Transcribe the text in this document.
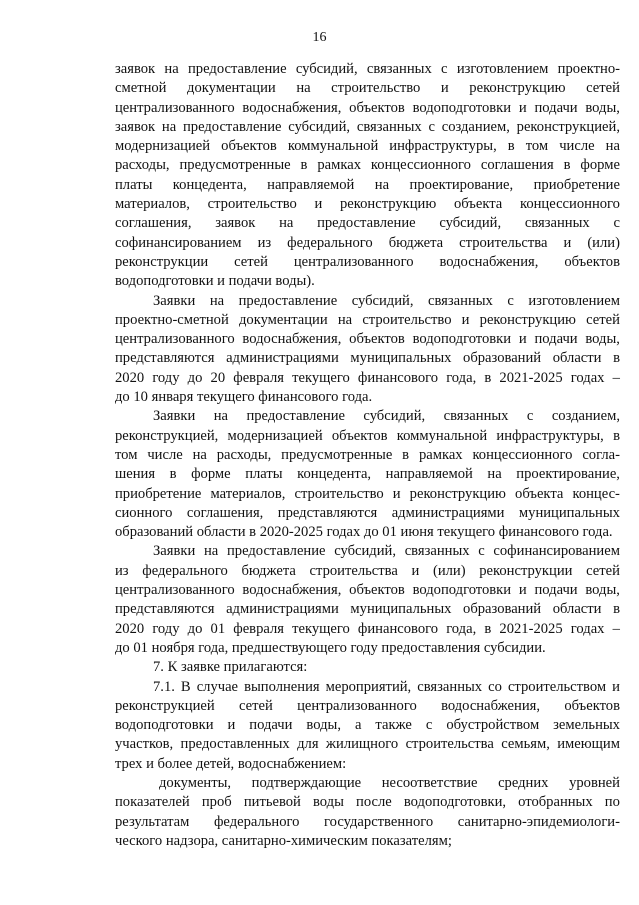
16
заявок на предоставление субсидий, связанных с изготовлением проектно-
сметной документации на строительство и реконструкцию сетей
централизованного водоснабжения, объектов водоподготовки и подачи воды,
заявок на предоставление субсидий, связанных с созданием, реконструкцией,
модернизацией объектов коммунальной инфраструктуры, в том числе на
расходы, предусмотренные в рамках концессионного соглашения в форме
платы концедента, направляемой на проектирование, приобретение
материалов, строительство и реконструкцию объекта концессионного
соглашения, заявок на предоставление субсидий, связанных с
софинансированием из федерального бюджета строительства и (или)
реконструкции сетей централизованного водоснабжения, объектов
водоподготовки и подачи воды).
Заявки на предоставление субсидий, связанных с изготовлением
проектно-сметной документации на строительство и реконструкцию сетей
централизованного водоснабжения, объектов водоподготовки и подачи воды,
представляются администрациями муниципальных образований области в
2020 году до 20 февраля текущего финансового года, в 2021-2025 годах –
до 10 января текущего финансового года.
Заявки на предоставление субсидий, связанных с созданием,
реконструкцией, модернизацией объектов коммунальной инфраструктуры, в
том числе на расходы, предусмотренные в рамках концессионного согла-
шения в форме платы концедента, направляемой на проектирование,
приобретение материалов, строительство и реконструкцию объекта концес-
сионного соглашения, представляются администрациями муниципальных
образований области в 2020-2025 годах до 01 июня текущего финансового года.
Заявки на предоставление субсидий, связанных с софинансированием
из федерального бюджета строительства и (или) реконструкции сетей
централизованного водоснабжения, объектов водоподготовки и подачи воды,
представляются администрациями муниципальных образований области в
2020 году до 01 февраля текущего финансового года, в 2021-2025 годах –
до 01 ноября года, предшествующего году предоставления субсидии.
7. К заявке прилагаются:
7.1. В случае выполнения мероприятий, связанных со строительством и
реконструкцией сетей централизованного водоснабжения, объектов
водоподготовки и подачи воды, а также с обустройством земельных
участков, предоставленных для жилищного строительства семьям, имеющим
трех и более детей, водоснабжением:
документы, подтверждающие несоответствие средних уровней
показателей проб питьевой воды после водоподготовки, отобранных по
результатам федерального государственного санитарно-эпидемиологи-
ческого надзора, санитарно-химическим показателям;
